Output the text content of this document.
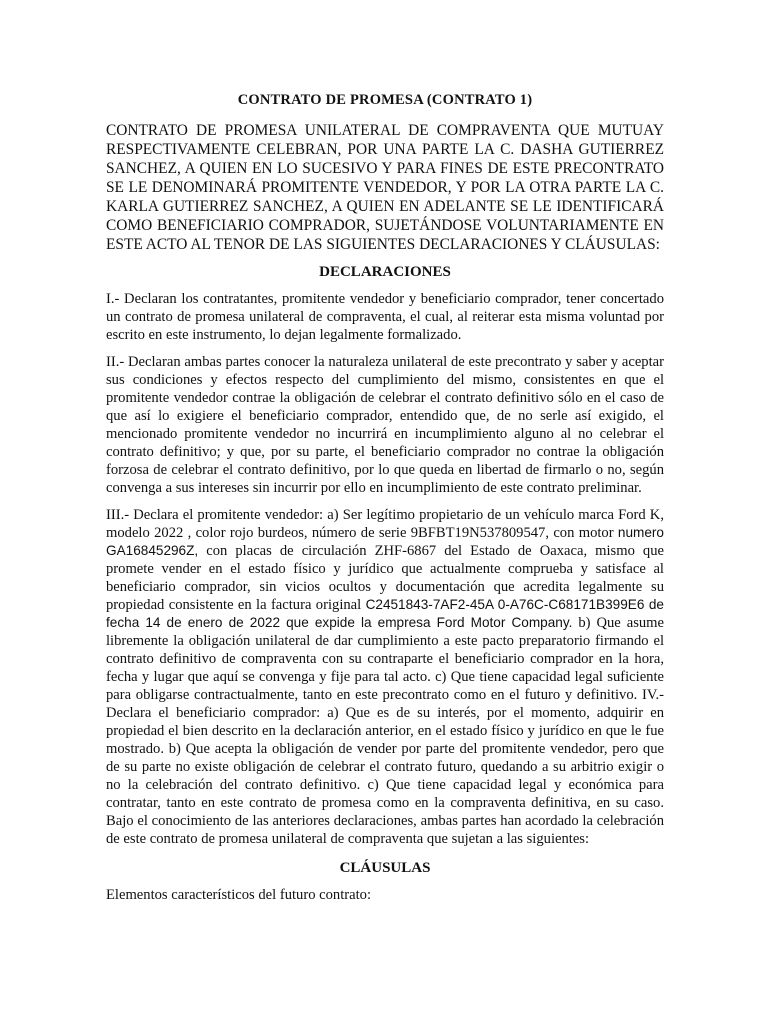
CONTRATO DE PROMESA (CONTRATO 1)

CONTRATO DE PROMESA UNILATERAL DE COMPRAVENTA QUE MUTUAY RESPECTIVAMENTE CELEBRAN, POR UNA PARTE LA C. DASHA GUTIERREZ SANCHEZ, A QUIEN EN LO SUCESIVO Y PARA FINES DE ESTE PRECONTRATO SE LE DENOMINARÁ PROMITENTE VENDEDOR, Y POR LA OTRA PARTE LA C. KARLA GUTIERREZ SANCHEZ, A QUIEN EN ADELANTE SE LE IDENTIFICARÁ COMO BENEFICIARIO COMPRADOR, SUJETÁNDOSE VOLUNTARIAMENTE EN ESTE ACTO AL TENOR DE LAS SIGUIENTES DECLARACIONES Y CLÁUSULAS:

DECLARACIONES

I.- Declaran los contratantes, promitente vendedor y beneficiario comprador, tener concertado un contrato de promesa unilateral de compraventa, el cual, al reiterar esta misma voluntad por escrito en este instrumento, lo dejan legalmente formalizado.

II.- Declaran ambas partes conocer la naturaleza unilateral de este precontrato y saber y aceptar sus condiciones y efectos respecto del cumplimiento del mismo, consistentes en que el promitente vendedor contrae la obligación de celebrar el contrato definitivo sólo en el caso de que así lo exigiere el beneficiario comprador, entendido que, de no serle así exigido, el mencionado promitente vendedor no incurrirá en incumplimiento alguno al no celebrar el contrato definitivo; y que, por su parte, el beneficiario comprador no contrae la obligación forzosa de celebrar el contrato definitivo, por lo que queda en libertad de firmarlo o no, según convenga a sus intereses sin incurrir por ello en incumplimiento de este contrato preliminar.

III.- Declara el promitente vendedor: a) Ser legítimo propietario de un vehículo marca Ford K, modelo 2022 , color rojo burdeos, número de serie 9BFBT19N537809547, con motor numero GA16845296Z, con placas de circulación ZHF-6867 del Estado de Oaxaca, mismo que promete vender en el estado físico y jurídico que actualmente comprueba y satisface al beneficiario comprador, sin vicios ocultos y documentación que acredita legalmente su propiedad consistente en la factura original C2451843-7AF2-45A 0-A76C-C68171B399E6 de fecha 14 de enero de 2022 que expide la empresa Ford Motor Company. b) Que asume libremente la obligación unilateral de dar cumplimiento a este pacto preparatorio firmando el contrato definitivo de compraventa con su contraparte el beneficiario comprador en la hora, fecha y lugar que aquí se convenga y fije para tal acto. c) Que tiene capacidad legal suficiente para obligarse contractualmente, tanto en este precontrato como en el futuro y definitivo. IV.- Declara el beneficiario comprador: a) Que es de su interés, por el momento, adquirir en propiedad el bien descrito en la declaración anterior, en el estado físico y jurídico en que le fue mostrado. b) Que acepta la obligación de vender por parte del promitente vendedor, pero que de su parte no existe obligación de celebrar el contrato futuro, quedando a su arbitrio exigir o no la celebración del contrato definitivo. c) Que tiene capacidad legal y económica para contratar, tanto en este contrato de promesa como en la compraventa definitiva, en su caso. Bajo el conocimiento de las anteriores declaraciones, ambas partes han acordado la celebración de este contrato de promesa unilateral de compraventa que sujetan a las siguientes:

CLÁUSULAS

Elementos característicos del futuro contrato:
